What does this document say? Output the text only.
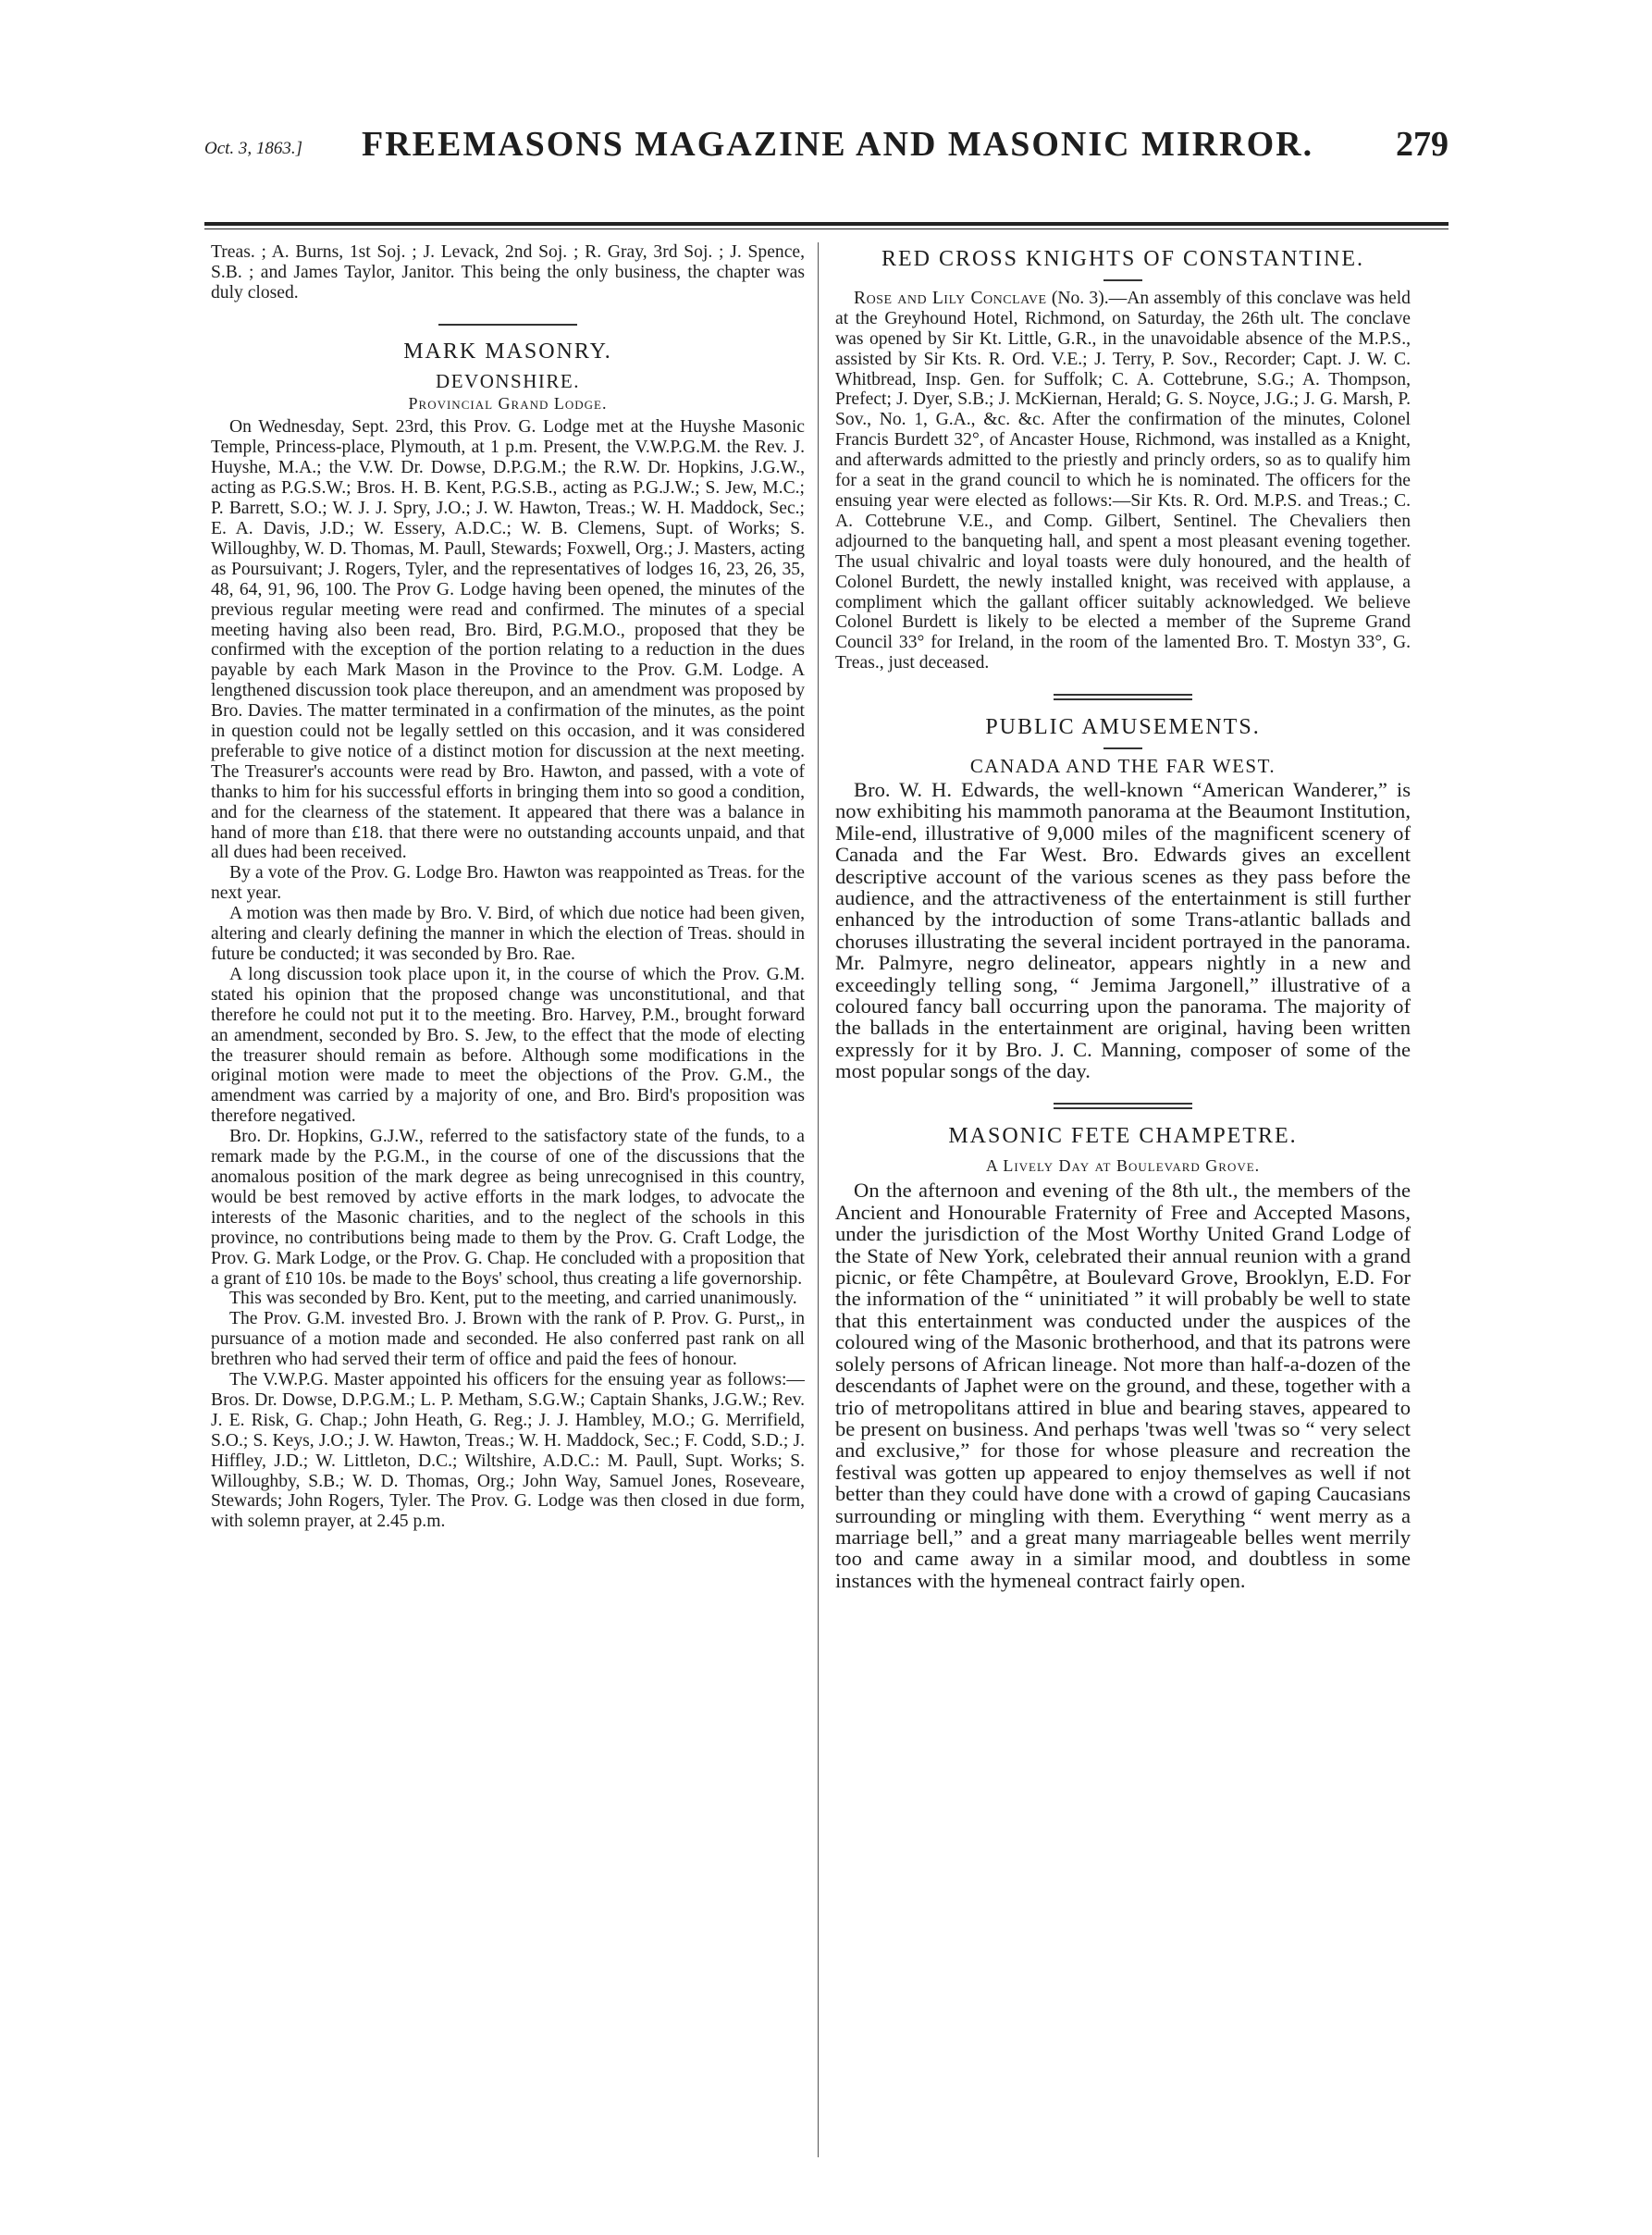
Oct. 3, 1863.] FREEMASONS MAGAZINE AND MASONIC MIRROR. 279

Treas. ; A. Burns, 1st Soj. ; J. Levack, 2nd Soj. ; R. Gray, 3rd Soj. ; J. Spence, S.B. ; and James Taylor, Janitor. This being the only business, the chapter was duly closed.

MARK MASONRY.
DEVONSHIRE.
Provincial Grand Lodge.

On Wednesday, Sept. 23rd, this Prov. G. Lodge met at the Huyshe Masonic Temple, Princess-place, Plymouth, at 1 p.m. Present, the V.W.P.G.M. the Rev. J. Huyshe, M.A.; the V.W. Dr. Dowse, D.P.G.M.; the R.W. Dr. Hopkins, J.G.W., acting as P.G.S.W.; Bros. H. B. Kent, P.G.S.B., acting as P.G.J.W.; S. Jew, M.C.; P. Barrett, S.O.; W. J. J. Spry, J.O.; J. W. Hawton, Treas.; W. H. Maddock, Sec.; E. A. Davis, J.D.; W. Essery, A.D.C.; W. B. Clemens, Supt. of Works; S. Willoughby, W. D. Thomas, M. Paull, Stewards; Foxwell, Org.; J. Masters, acting as Poursuivant; J. Rogers, Tyler, and the representatives of lodges 16, 23, 26, 35, 48, 64, 91, 96, 100. The Prov G. Lodge having been opened, the minutes of the previous regular meeting were read and confirmed. The minutes of a special meeting having also been read, Bro. Bird, P.G.M.O., proposed that they be confirmed with the exception of the portion relating to a reduction in the dues payable by each Mark Mason in the Province to the Prov. G.M. Lodge. A lengthened discussion took place thereupon, and an amendment was proposed by Bro. Davies. The matter terminated in a confirmation of the minutes, as the point in question could not be legally settled on this occasion, and it was considered preferable to give notice of a distinct motion for discussion at the next meeting. The Treasurer's accounts were read by Bro. Hawton, and passed, with a vote of thanks to him for his successful efforts in bringing them into so good a condition, and for the clearness of the statement. It appeared that there was a balance in hand of more than £18. that there were no outstanding accounts unpaid, and that all dues had been received.

By a vote of the Prov. G. Lodge Bro. Hawton was reappointed as Treas. for the next year.

A motion was then made by Bro. V. Bird, of which due notice had been given, altering and clearly defining the manner in which the election of Treas. should in future be conducted; it was seconded by Bro. Rae.

A long discussion took place upon it, in the course of which the Prov. G.M. stated his opinion that the proposed change was unconstitutional, and that therefore he could not put it to the meeting. Bro. Harvey, P.M., brought forward an amendment, seconded by Bro. S. Jew, to the effect that the mode of electing the treasurer should remain as before. Although some modifications in the original motion were made to meet the objections of the Prov. G.M., the amendment was carried by a majority of one, and Bro. Bird's proposition was therefore negatived.

Bro. Dr. Hopkins, G.J.W., referred to the satisfactory state of the funds, to a remark made by the P.G.M., in the course of one of the discussions that the anomalous position of the mark degree as being unrecognised in this country, would be best removed by active efforts in the mark lodges, to advocate the interests of the Masonic charities, and to the neglect of the schools in this province, no contributions being made to them by the Prov. G. Craft Lodge, the Prov. G. Mark Lodge, or the Prov. G. Chap. He concluded with a proposition that a grant of £10 10s. be made to the Boys' school, thus creating a life governorship.

This was seconded by Bro. Kent, put to the meeting, and carried unanimously.

The Prov. G.M. invested Bro. J. Brown with the rank of P. Prov. G. Purst,, in pursuance of a motion made and seconded. He also conferred past rank on all brethren who had served their term of office and paid the fees of honour.

The V.W.P.G. Master appointed his officers for the ensuing year as follows:—Bros. Dr. Dowse, D.P.G.M.; L. P. Metham, S.G.W.; Captain Shanks, J.G.W.; Rev. J. E. Risk, G. Chap.; John Heath, G. Reg.; J. J. Hambley, M.O.; G. Merrifield, S.O.; S. Keys, J.O.; J. W. Hawton, Treas.; W. H. Maddock, Sec.; F. Codd, S.D.; J. Hiffley, J.D.; W. Littleton, D.C.; Wiltshire, A.D.C.: M. Paull, Supt. Works; S. Willoughby, S.B.; W. D. Thomas, Org.; John Way, Samuel Jones, Roseveare, Stewards; John Rogers, Tyler. The Prov. G. Lodge was then closed in due form, with solemn prayer, at 2.45 p.m.

RED CROSS KNIGHTS OF CONSTANTINE.

Rose and Lily Conclave (No. 3).—An assembly of this conclave was held at the Greyhound Hotel, Richmond, on Saturday, the 26th ult. The conclave was opened by Sir Kt. Little, G.R., in the unavoidable absence of the M.P.S., assisted by Sir Kts. R. Ord. V.E.; J. Terry, P. Sov., Recorder; Capt. J. W. C. Whitbread, Insp. Gen. for Suffolk; C. A. Cottebrune, S.G.; A. Thompson, Prefect; J. Dyer, S.B.; J. McKiernan, Herald; G. S. Noyce, J.G.; J. G. Marsh, P. Sov., No. 1, G.A., &c. &c. After the confirmation of the minutes, Colonel Francis Burdett 32°, of Ancaster House, Richmond, was installed as a Knight, and afterwards admitted to the priestly and princly orders, so as to qualify him for a seat in the grand council to which he is nominated. The officers for the ensuing year were elected as follows:—Sir Kts. R. Ord. M.P.S. and Treas.; C. A. Cottebrune V.E., and Comp. Gilbert, Sentinel. The Chevaliers then adjourned to the banqueting hall, and spent a most pleasant evening together. The usual chivalric and loyal toasts were duly honoured, and the health of Colonel Burdett, the newly installed knight, was received with applause, a compliment which the gallant officer suitably acknowledged. We believe Colonel Burdett is likely to be elected a member of the Supreme Grand Council 33° for Ireland, in the room of the lamented Bro. T. Mostyn 33°, G. Treas., just deceased.

PUBLIC AMUSEMENTS.
CANADA AND THE FAR WEST.

Bro. W. H. Edwards, the well-known “American Wanderer,” is now exhibiting his mammoth panorama at the Beaumont Institution, Mile-end, illustrative of 9,000 miles of the magnificent scenery of Canada and the Far West. Bro. Edwards gives an excellent descriptive account of the various scenes as they pass before the audience, and the attractiveness of the entertainment is still further enhanced by the introduction of some Trans-atlantic ballads and choruses illustrating the several incident portrayed in the panorama. Mr. Palmyre, negro delineator, appears nightly in a new and exceedingly telling song, “ Jemima Jargonell,” illustrative of a coloured fancy ball occurring upon the panorama. The majority of the ballads in the entertainment are original, having been written expressly for it by Bro. J. C. Manning, composer of some of the most popular songs of the day.

MASONIC FETE CHAMPETRE.
A Lively Day at Boulevard Grove.

On the afternoon and evening of the 8th ult., the members of the Ancient and Honourable Fraternity of Free and Accepted Masons, under the jurisdiction of the Most Worthy United Grand Lodge of the State of New York, celebrated their annual reunion with a grand picnic, or fête Champêtre, at Boulevard Grove, Brooklyn, E.D. For the information of the “ uninitiated ” it will probably be well to state that this entertainment was conducted under the auspices of the coloured wing of the Masonic brotherhood, and that its patrons were solely persons of African lineage. Not more than half-a-dozen of the descendants of Japhet were on the ground, and these, together with a trio of metropolitans attired in blue and bearing staves, appeared to be present on business. And perhaps 'twas well 'twas so “ very select and exclusive,” for those for whose pleasure and recreation the festival was gotten up appeared to enjoy themselves as well if not better than they could have done with a crowd of gaping Caucasians surrounding or mingling with them. Everything “ went merry as a marriage bell,” and a great many marriageable belles went merrily too and came away in a similar mood, and doubtless in some instances with the hymeneal contract fairly open.
